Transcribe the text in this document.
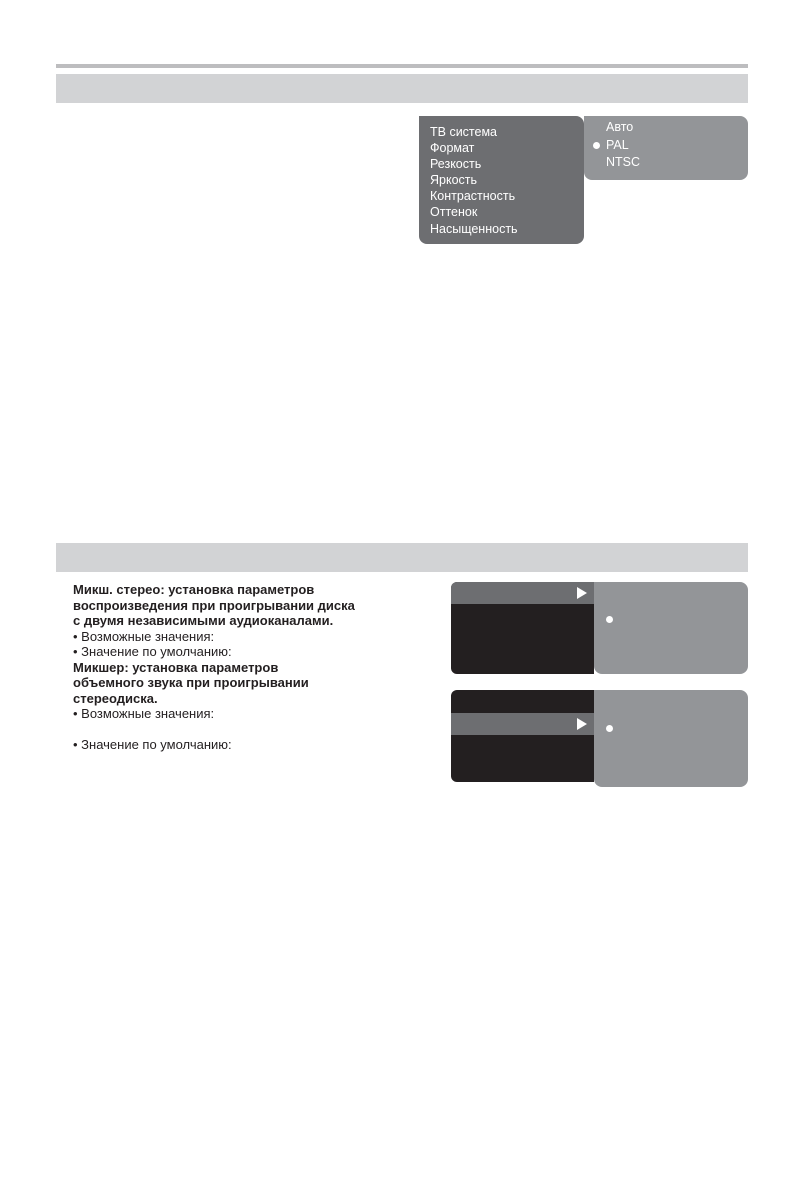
ТВ система
Формат
Резкость
Яркость
Контрастность
Оттенок
Насыщенность
Авто
PAL
NTSC
Микш. стерео: установка параметров
воспроизведения при проигрывании диска
с двумя независимыми аудиоканалами.
• Возможные значения:
• Значение по умолчанию:
Микшер: установка параметров
объемного звука при проигрывании
стереодиска.
• Возможные значения:
• Значение по умолчанию:
